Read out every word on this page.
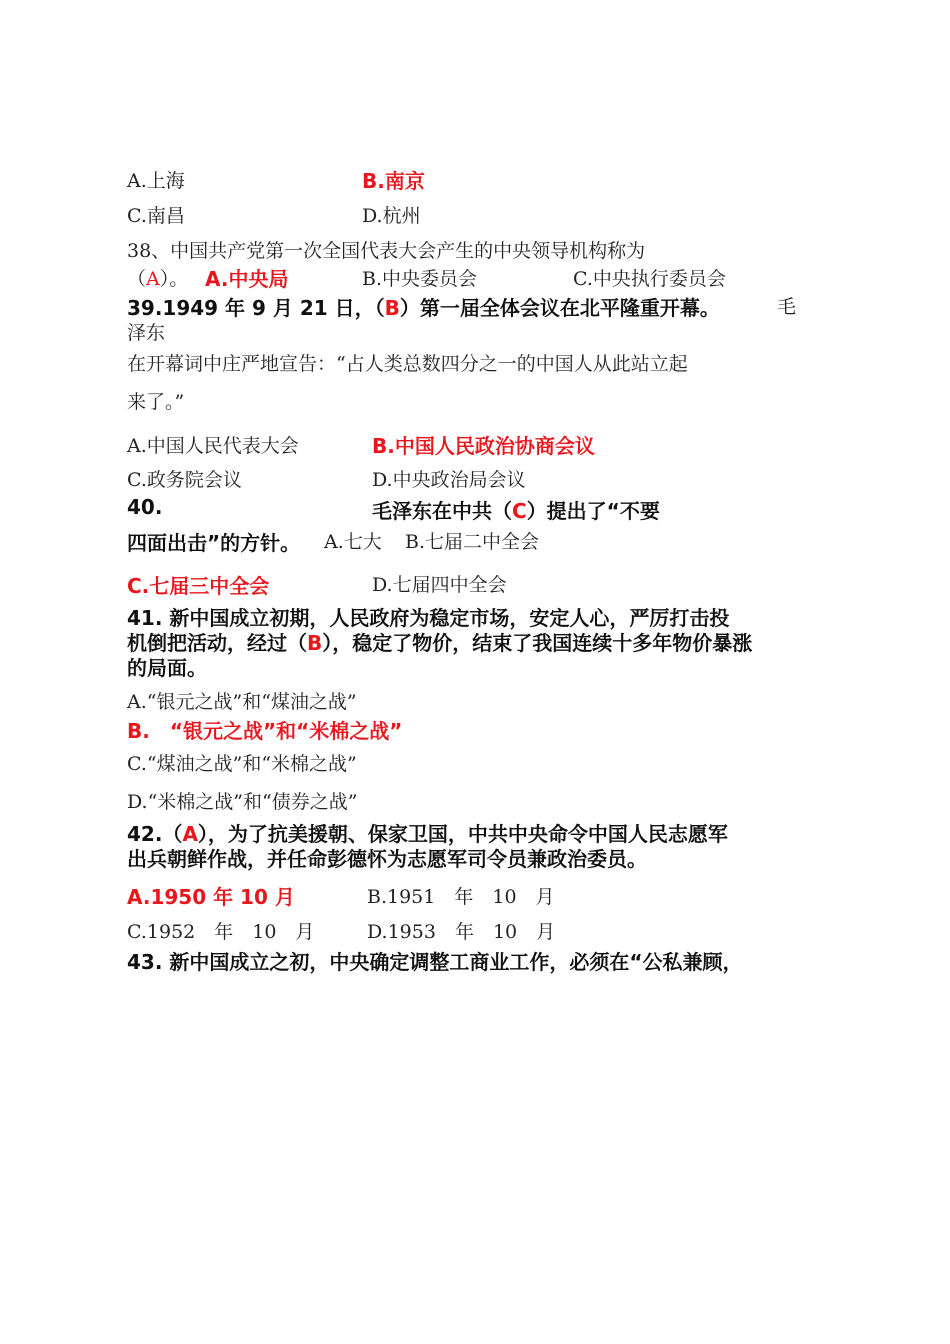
A.上海	B.南京
C.南昌	D.杭州
38、中国共产党第一次全国代表大会产生的中央领导机构称为
（A）。 A.中央局	B.中央委员会	C.中央执行委员会
39.1949 年 9 月 21 日，（B）第一届全体会议在北平隆重开幕。	毛
泽东
在开幕词中庄严地宣告：“占人类总数四分之一的中国人从此站立起
来了。”
A.中国人民代表大会	B.中国人民政治协商会议
C.政务院会议	D.中央政治局会议
40.	毛泽东在中共（C）提出了“不要
四面出击”的方针。 A.七大 B.七届二中全会
C.七届三中全会	D.七届四中全会
41. 新中国成立初期，人民政府为稳定市场，安定人心，严厉打击投
机倒把活动，经过（B），稳定了物价，结束了我国连续十多年物价暴涨
的局面。
A.“银元之战”和“煤油之战”
B.　“银元之战”和“米棉之战”
C.“煤油之战”和“米棉之战”
D.“米棉之战”和“债券之战”
42.（A），为了抗美援朝、保家卫国，中共中央命令中国人民志愿军
出兵朝鲜作战，并任命彭德怀为志愿军司令员兼政治委员。
A.1950 年 10 月	B.1951　年　10　月
C.1952　年　10　月	D.1953　年　10　月
43. 新中国成立之初，中央确定调整工商业工作，必须在“公私兼顾，
